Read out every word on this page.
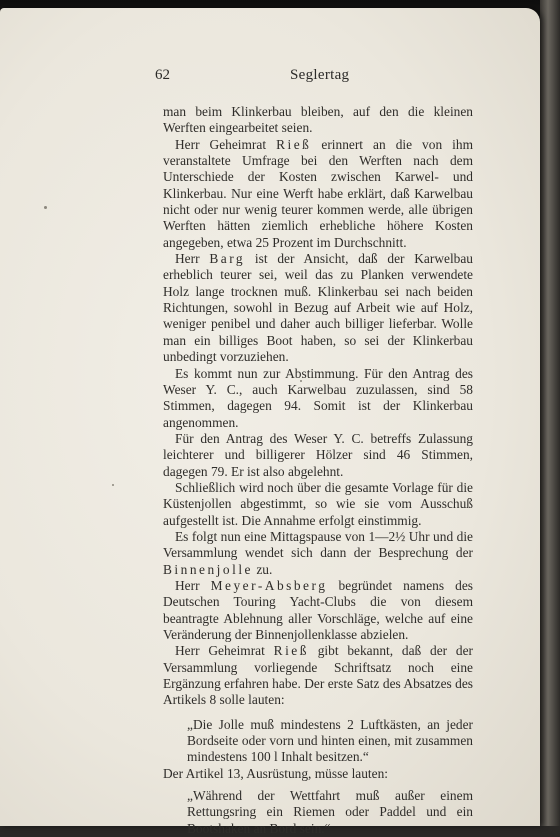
62	Seglertag

man beim Klinkerbau bleiben, auf den die kleinen Werften eingearbeitet seien.

Herr Geheimrat Rieß erinnert an die von ihm veranstaltete Umfrage bei den Werften nach dem Unterschiede der Kosten zwischen Karwel- und Klinkerbau. Nur eine Werft habe erklärt, daß Karwelbau nicht oder nur wenig teurer kommen werde, alle übrigen Werften hätten ziemlich erhebliche höhere Kosten angegeben, etwa 25 Prozent im Durchschnitt.

Herr Barg ist der Ansicht, daß der Karwelbau erheblich teurer sei, weil das zu Planken verwendete Holz lange trocknen muß. Klinkerbau sei nach beiden Richtungen, sowohl in Bezug auf Arbeit wie auf Holz, weniger penibel und daher auch billiger lieferbar. Wolle man ein billiges Boot haben, so sei der Klinkerbau unbedingt vorzuziehen.

Es kommt nun zur Abstimmung. Für den Antrag des Weser Y. C., auch Karwelbau zuzulassen, sind 58 Stimmen, dagegen 94. Somit ist der Klinkerbau angenommen.

Für den Antrag des Weser Y. C. betreffs Zulassung leichterer und billigerer Hölzer sind 46 Stimmen, dagegen 79. Er ist also abgelehnt.

Schließlich wird noch über die gesamte Vorlage für die Küstenjollen abgestimmt, so wie sie vom Ausschuß aufgestellt ist. Die Annahme erfolgt einstimmig.

Es folgt nun eine Mittagspause von 1—2½ Uhr und die Versammlung wendet sich dann der Besprechung der Binnenjolle zu.

Herr Meyer-Absberg begründet namens des Deutschen Touring Yacht-Clubs die von diesem beantragte Ablehnung aller Vorschläge, welche auf eine Veränderung der Binnenjollenklasse abzielen.

Herr Geheimrat Rieß gibt bekannt, daß der der Versammlung vorliegende Schriftsatz noch eine Ergänzung erfahren habe. Der erste Satz des Absatzes des Artikels 8 solle lauten:

„Die Jolle muß mindestens 2 Luftkästen, an jeder Bordseite oder vorn und hinten einen, mit zusammen mindestens 100 l Inhalt besitzen.“

Der Artikel 13, Ausrüstung, müsse lauten:

„Während der Wettfahrt muß außer einem Rettungsring ein Riemen oder Paddel und ein Bootshaken an Bord sein.“
